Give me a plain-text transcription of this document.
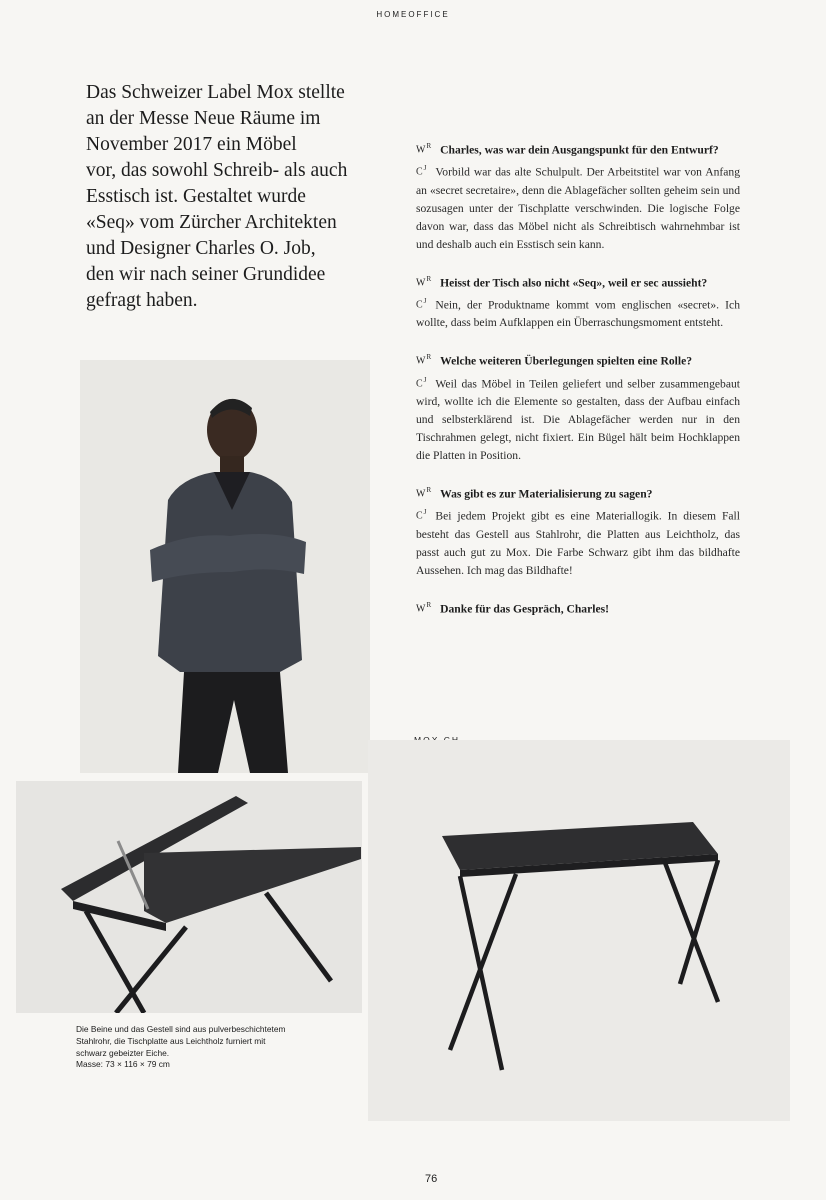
HOMEOFFICE
Das Schweizer Label Mox stellte
an der Messe Neue Räume im
November 2017 ein Möbel
vor, das sowohl Schreib- als auch
Esstisch ist. Gestaltet wurde
«Seq» vom Zürcher Architekten
und Designer Charles O. Job,
den wir nach seiner Grundidee
gefragt haben.
$W^R$ Charles, was war dein Ausgangspunkt für den Entwurf?
$C^J$ Vorbild war das alte Schulpult. Der Arbeitstitel war von Anfang an «secret secretaire», denn die Ablagefächer sollten geheim sein und sozusagen unter der Tischplatte verschwinden. Die logische Folge davon war, dass das Möbel nicht als Schreibtisch wahrnehmbar ist und deshalb auch ein Esstisch sein kann.
$W^R$ Heisst der Tisch also nicht «Seq», weil er sec aussieht?
$C^J$ Nein, der Produktname kommt vom englischen «secret». Ich wollte, dass beim Aufklappen ein Überraschungsmoment entsteht.
$W^R$ Welche weiteren Überlegungen spielten eine Rolle?
$C^J$ Weil das Möbel in Teilen geliefert und selber zusammengebaut wird, wollte ich die Elemente so gestalten, dass der Aufbau einfach und selbsterklärend ist. Die Ablagefächer werden nur in den Tischrahmen gelegt, nicht fixiert. Ein Bügel hält beim Hochklappen die Platten in Position.
$W^R$ Was gibt es zur Materialisierung zu sagen?
$C^J$ Bei jedem Projekt gibt es eine Materiallogik. In diesem Fall besteht das Gestell aus Stahlrohr, die Platten aus Leichtholz, das passt auch gut zu Mox. Die Farbe Schwarz gibt ihm das bildhafte Aussehen. Ich mag das Bildhafte!
$W^R$ Danke für das Gespräch, Charles!
Die Beine und das Gestell sind aus pulverbeschichtetem
Stahlrohr, die Tischplatte aus Leichtholz furniert mit
schwarz gebeizter Eiche.
Masse: 73 × 116 × 79 cm
76
